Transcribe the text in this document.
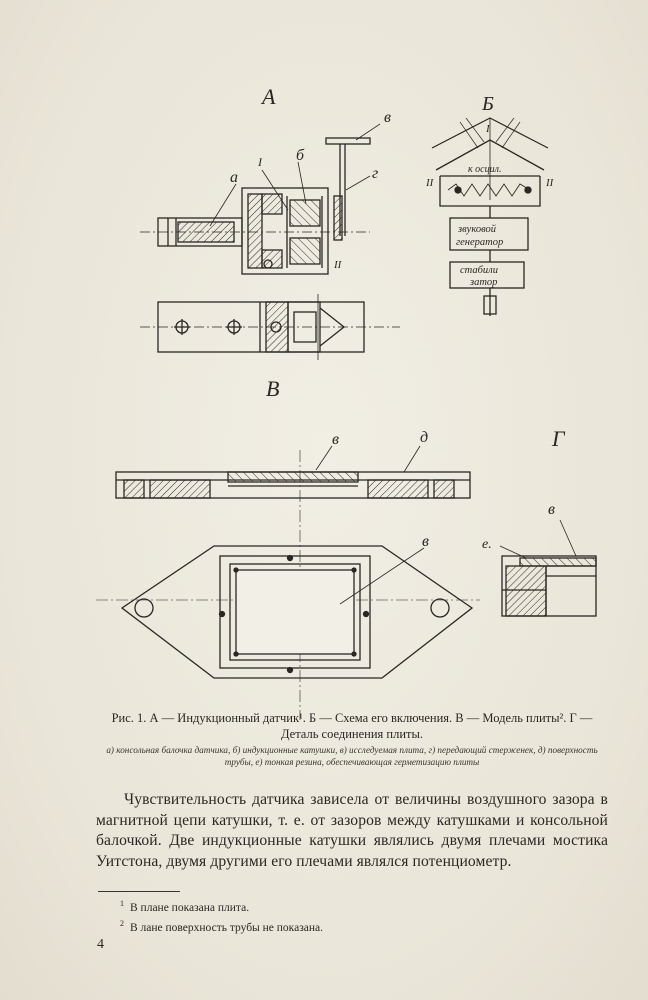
А	Б
В
Г
а
б
в
г
I
II
I
II	II
к осцил.
звуковой
генератор
стабили
затор
в	д
в
в
е.
Рис. 1. А — Индукционный датчик¹. Б — Схема его включения. В — Модель плиты². Г — Деталь соединения плиты.
а) консольная балочка датчика, б) индукционные катушки, в) исследуемая плита, г) передающий стерженек, д) поверхность трубы, е) тонкая резина, обеспечивающая герметизацию плиты
Чувствительность датчика зависела от величины воздушного зазора в магнитной цепи катушки, т. е. от зазоров между катушками и консольной балочкой. Две индукционные катушки являлись двумя плечами мостика Уитстона, двумя другими его плечами являлся потенциометр.
$^1$ В плане показана плита.
$^2$ В лане поверхность трубы не показана.
4
